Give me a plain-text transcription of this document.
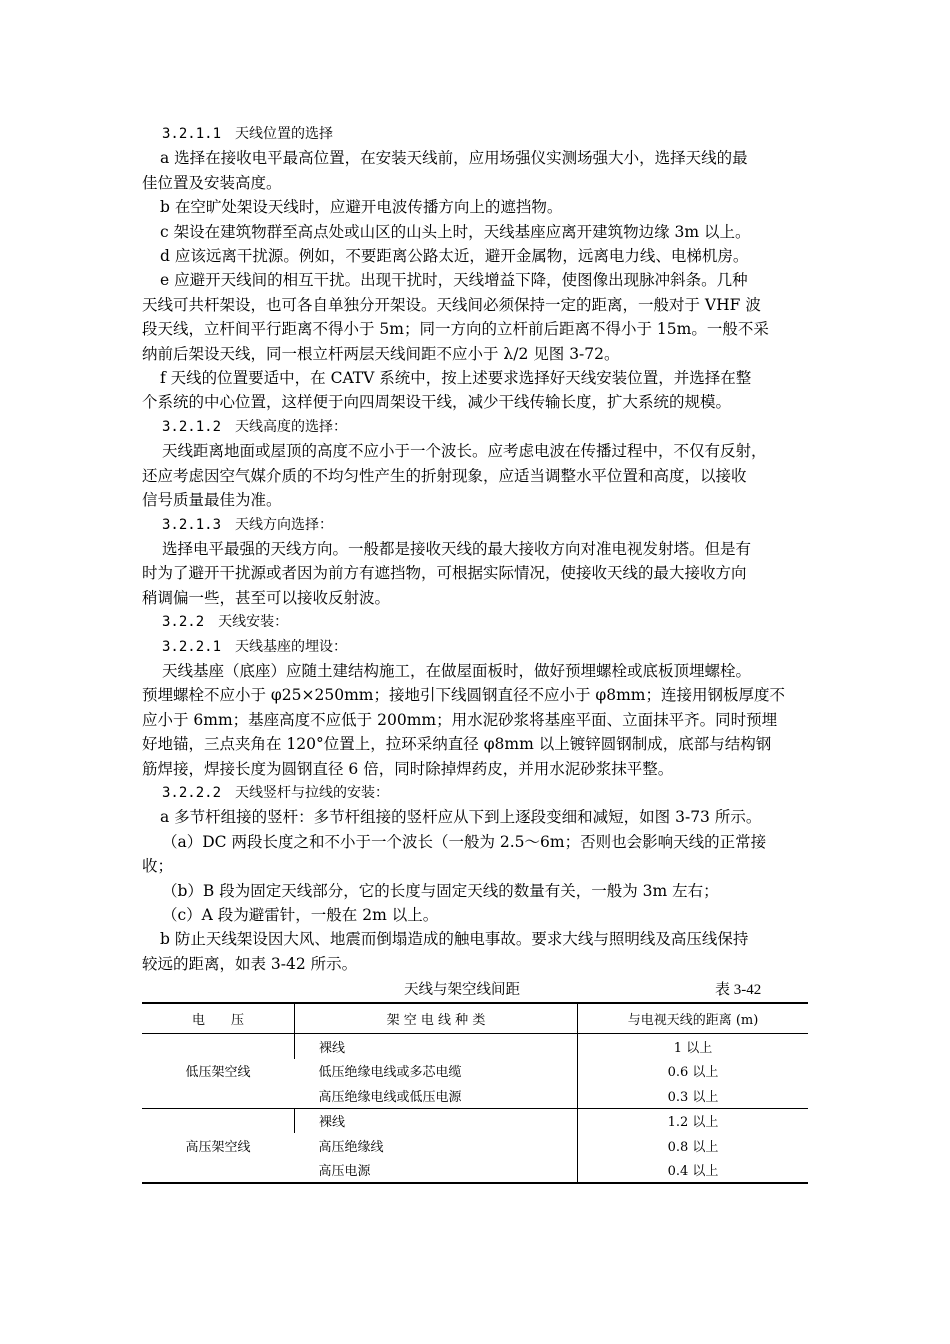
3.2.1.1　天线位置的选择
a 选择在接收电平最高位置，在安装天线前，应用场强仪实测场强大小，选择天线的最
佳位置及安装高度。
b 在空旷处架设天线时，应避开电波传播方向上的遮挡物。
c 架设在建筑物群至高点处或山区的山头上时，天线基座应离开建筑物边缘 3m 以上。
d 应该远离干扰源。例如，不要距离公路太近，避开金属物，远离电力线、电梯机房。
e 应避开天线间的相互干扰。出现干扰时，天线增益下降，使图像出现脉冲斜条。几种
天线可共杆架设，也可各自单独分开架设。天线间必须保持一定的距离，一般对于 VHF 波
段天线，立杆间平行距离不得小于 5m；同一方向的立杆前后距离不得小于 15m。一般不采
纳前后架设天线，同一根立杆两层天线间距不应小于 λ/2 见图 3-72。
f 天线的位置要适中，在 CATV 系统中，按上述要求选择好天线安装位置，并选择在整
个系统的中心位置，这样便于向四周架设干线，减少干线传输长度，扩大系统的规模。
3.2.1.2　天线高度的选择：
天线距离地面或屋顶的高度不应小于一个波长。应考虑电波在传播过程中，不仅有反射，
还应考虑因空气媒介质的不均匀性产生的折射现象，应适当调整水平位置和高度，以接收
信号质量最佳为准。
3.2.1.3　天线方向选择：
选择电平最强的天线方向。一般都是接收天线的最大接收方向对准电视发射塔。但是有
时为了避开干扰源或者因为前方有遮挡物，可根据实际情况，使接收天线的最大接收方向
稍调偏一些，甚至可以接收反射波。
3.2.2　天线安装：
3.2.2.1　天线基座的埋设：
天线基座（底座）应随土建结构施工，在做屋面板时，做好预埋螺栓或底板顶埋螺栓。
预埋螺栓不应小于 φ25×250mm；接地引下线圆钢直径不应小于 φ8mm；连接用钢板厚度不
应小于 6mm；基座高度不应低于 200mm；用水泥砂浆将基座平面、立面抹平齐。同时预埋
好地锚，三点夹角在 120°位置上，拉环采纳直径 φ8mm 以上镀锌圆钢制成，底部与结构钢
筋焊接，焊接长度为圆钢直径 6 倍，同时除掉焊药皮，并用水泥砂浆抹平整。
3.2.2.2　天线竖杆与拉线的安装：
a 多节杆组接的竖杆：多节杆组接的竖杆应从下到上逐段变细和减短，如图 3-73 所示。
（a）DC 两段长度之和不小于一个波长（一般为 2.5～6m；否则也会影响天线的正常接
收；
（b）B 段为固定天线部分，它的长度与固定天线的数量有关，一般为 3m 左右；
（c）A 段为避雷针，一般在 2m 以上。
b 防止天线架设因大风、地震而倒塌造成的触电事故。要求大线与照明线及高压线保持
较远的距离，如表 3-42 所示。
天线与架空线间距	表 3-42
电　　压	架 空 电 线 种 类	与电视天线的距离 (m)
低压架空线	裸线	1 以上
	低压绝缘电线或多芯电缆	0.6 以上
	高压绝缘电线或低压电源	0.3 以上
高压架空线	裸线	1.2 以上
	高压绝缘线	0.8 以上
	高压电源	0.4 以上
